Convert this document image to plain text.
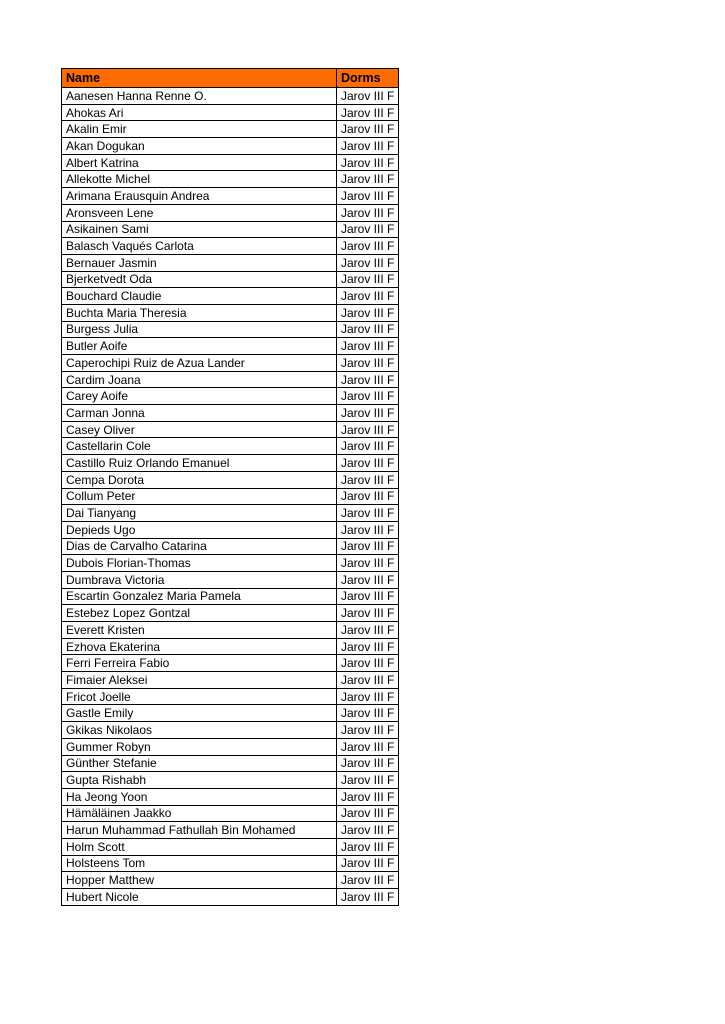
Name	Dorms
Aanesen Hanna Renne O.	Jarov III F
Ahokas Ari	Jarov III F
Akalin Emir	Jarov III F
Akan Dogukan	Jarov III F
Albert Katrina	Jarov III F
Allekotte Michel	Jarov III F
Arimana Erausquin Andrea	Jarov III F
Aronsveen Lene	Jarov III F
Asikainen Sami	Jarov III F
Balasch Vaqués Carlota	Jarov III F
Bernauer Jasmin	Jarov III F
Bjerketvedt Oda	Jarov III F
Bouchard Claudie	Jarov III F
Buchta Maria Theresia	Jarov III F
Burgess Julia	Jarov III F
Butler Aoife	Jarov III F
Caperochipi Ruiz de Azua Lander	Jarov III F
Cardim Joana	Jarov III F
Carey Aoife	Jarov III F
Carman Jonna	Jarov III F
Casey Oliver	Jarov III F
Castellarin Cole	Jarov III F
Castillo Ruiz Orlando Emanuel	Jarov III F
Cempa Dorota	Jarov III F
Collum Peter	Jarov III F
Dai Tianyang	Jarov III F
Depieds Ugo	Jarov III F
Dias de Carvalho Catarina	Jarov III F
Dubois Florian-Thomas	Jarov III F
Dumbrava Victoria	Jarov III F
Escartin Gonzalez Maria Pamela	Jarov III F
Estebez Lopez Gontzal	Jarov III F
Everett Kristen	Jarov III F
Ezhova Ekaterina	Jarov III F
Ferri Ferreira Fabio	Jarov III F
Fimaier Aleksei	Jarov III F
Fricot Joelle	Jarov III F
Gastle Emily	Jarov III F
Gkikas Nikolaos	Jarov III F
Gummer Robyn	Jarov III F
Günther Stefanie	Jarov III F
Gupta Rishabh	Jarov III F
Ha Jeong Yoon	Jarov III F
Hämäläinen Jaakko	Jarov III F
Harun Muhammad Fathullah Bin Mohamed	Jarov III F
Holm Scott	Jarov III F
Holsteens Tom	Jarov III F
Hopper Matthew	Jarov III F
Hubert Nicole	Jarov III F
